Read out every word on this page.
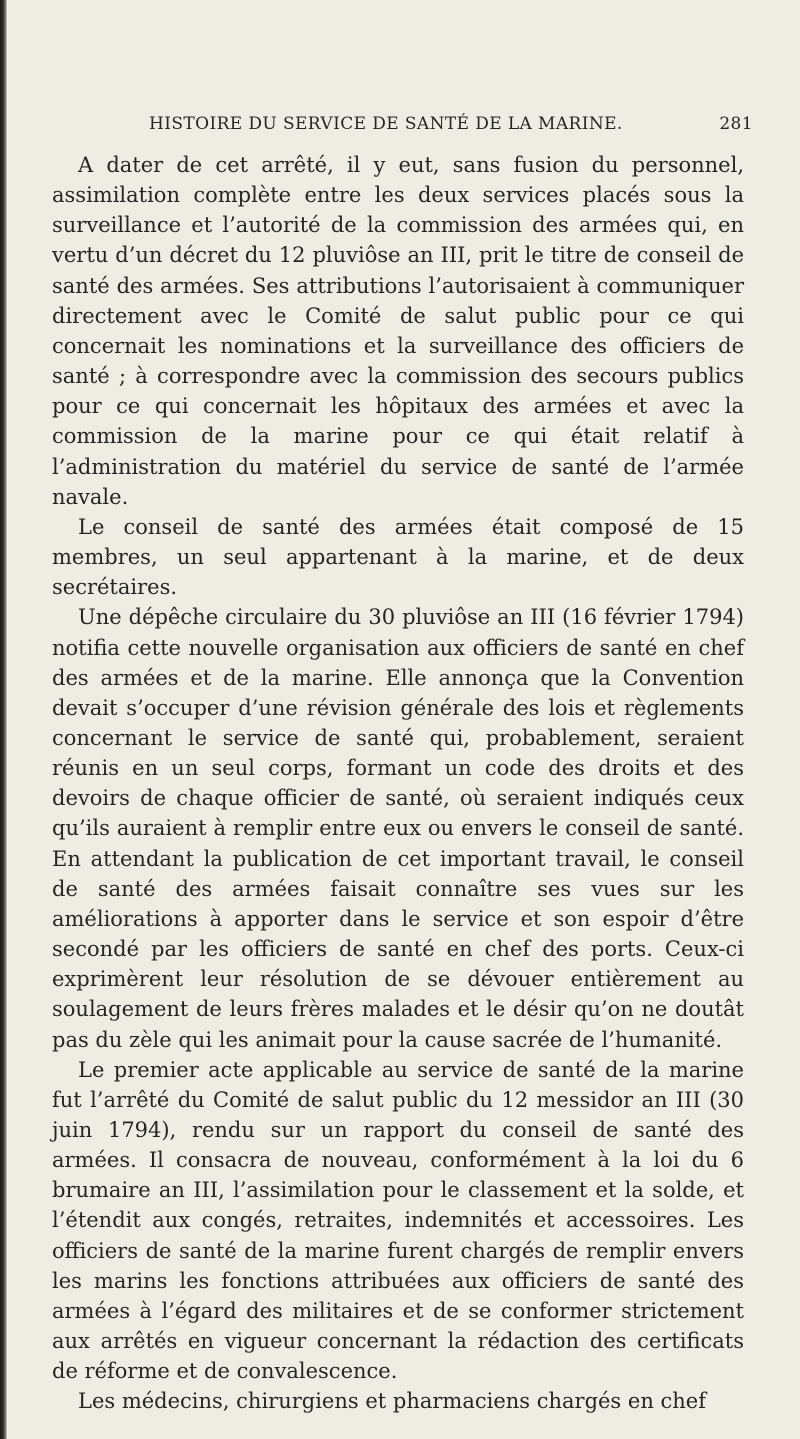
HISTOIRE DU SERVICE DE SANTÉ DE LA MARINE.	281

A dater de cet arrêté, il y eut, sans fusion du personnel, assimilation complète entre les deux services placés sous la surveillance et l’autorité de la commission des armées qui, en vertu d’un décret du 12 pluviôse an III, prit le titre de conseil de santé des armées. Ses attributions l’autorisaient à communiquer directement avec le Comité de salut public pour ce qui concernait les nominations et la surveillance des officiers de santé ; à correspondre avec la commission des secours publics pour ce qui concernait les hôpitaux des armées et avec la commission de la marine pour ce qui était relatif à l’administration du matériel du service de santé de l’armée navale.

Le conseil de santé des armées était composé de 15 membres, un seul appartenant à la marine, et de deux secrétaires.

Une dépêche circulaire du 30 pluviôse an III (16 février 1794) notifia cette nouvelle organisation aux officiers de santé en chef des armées et de la marine. Elle annonça que la Convention devait s’occuper d’une révision générale des lois et règlements concernant le service de santé qui, probablement, seraient réunis en un seul corps, formant un code des droits et des devoirs de chaque officier de santé, où seraient indiqués ceux qu’ils auraient à remplir entre eux ou envers le conseil de santé. En attendant la publication de cet important travail, le conseil de santé des armées faisait connaître ses vues sur les améliorations à apporter dans le service et son espoir d’être secondé par les officiers de santé en chef des ports. Ceux-ci exprimèrent leur résolution de se dévouer entièrement au soulagement de leurs frères malades et le désir qu’on ne doutât pas du zèle qui les animait pour la cause sacrée de l’humanité.

Le premier acte applicable au service de santé de la marine fut l’arrêté du Comité de salut public du 12 messidor an III (30 juin 1794), rendu sur un rapport du conseil de santé des armées. Il consacra de nouveau, conformément à la loi du 6 brumaire an III, l’assimilation pour le classement et la solde, et l’étendit aux congés, retraites, indemnités et accessoires. Les officiers de santé de la marine furent chargés de remplir envers les marins les fonctions attribuées aux officiers de santé des armées à l’égard des militaires et de se conformer strictement aux arrêtés en vigueur concernant la rédaction des certificats de réforme et de convalescence.

Les médecins, chirurgiens et pharmaciens chargés en chef
